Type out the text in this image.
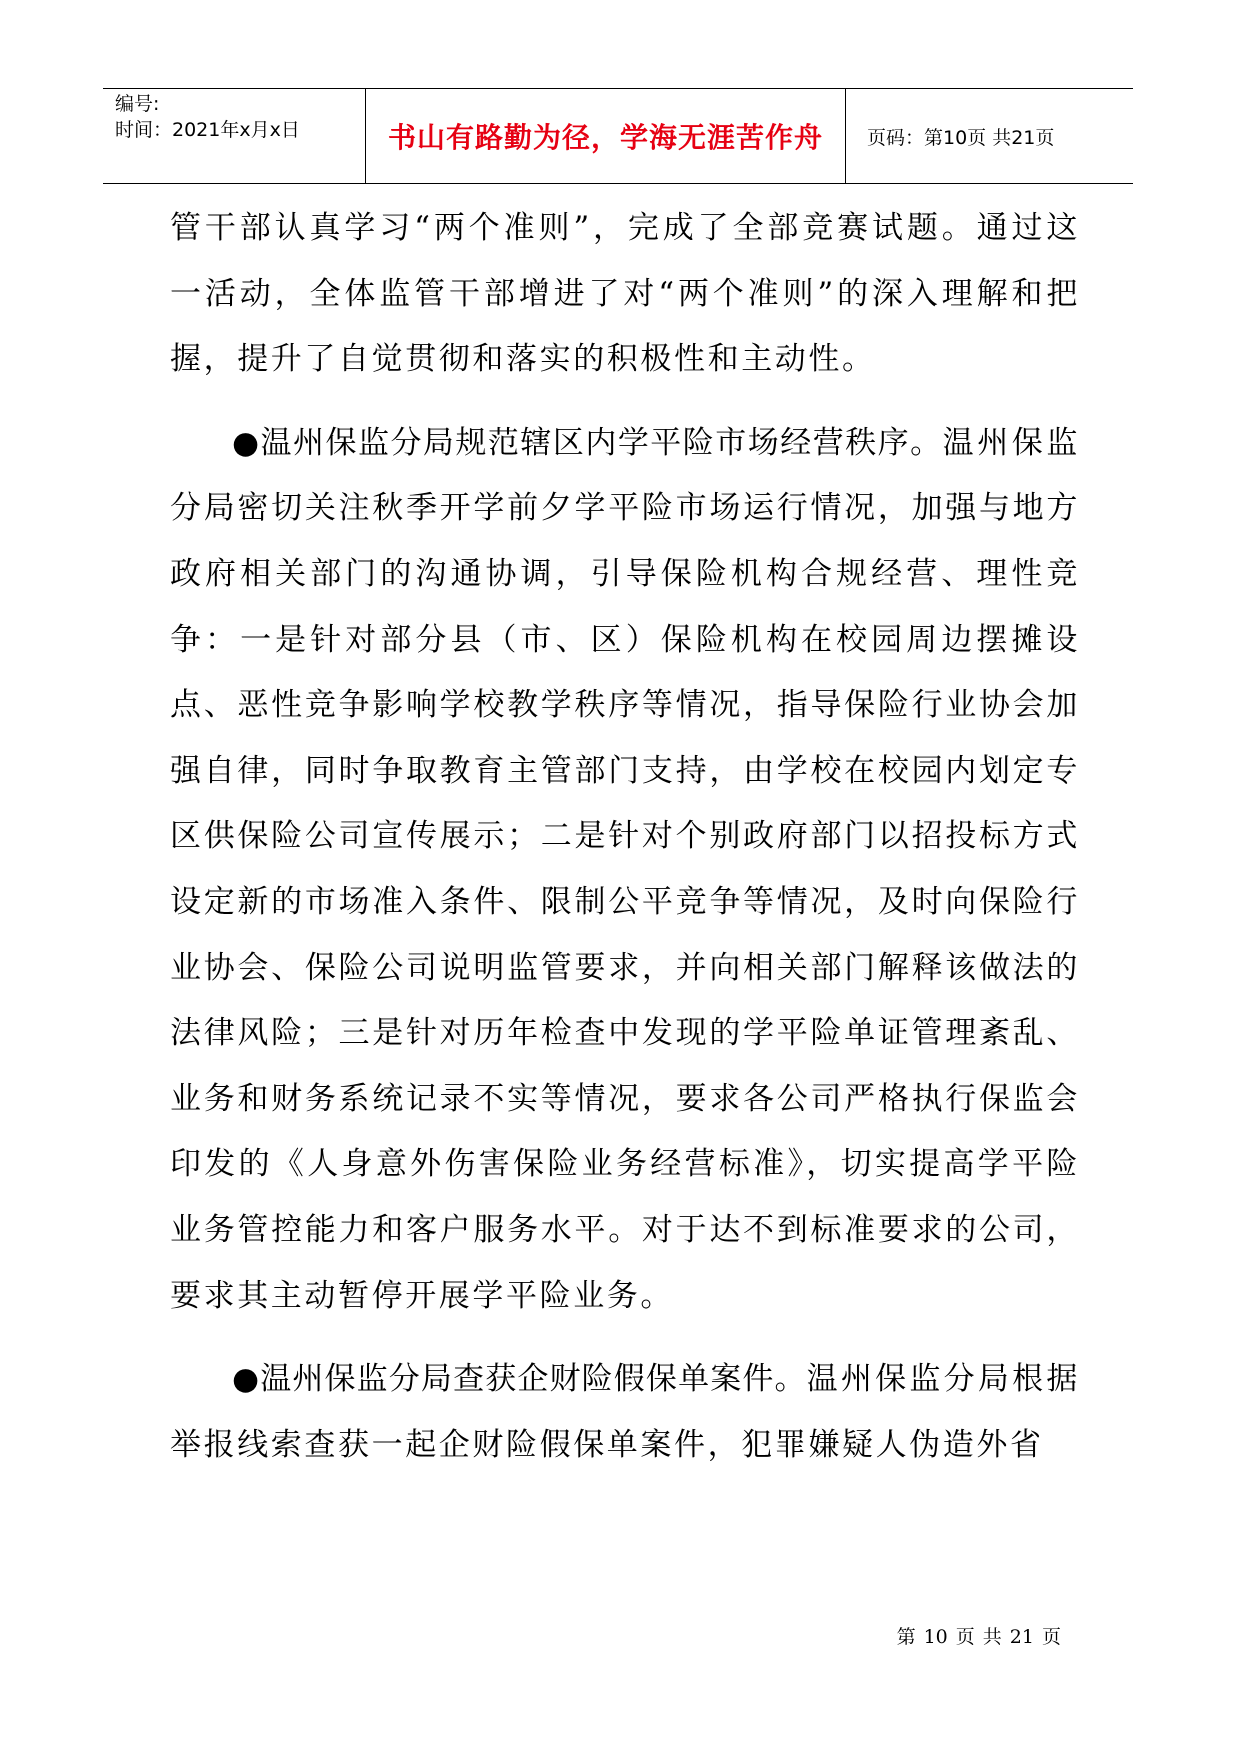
编号:
时间：2021年x月x日	书山有路勤为径，学海无涯苦作舟 页码：第10页 共21页

管干部认真学习“两个准则”，完成了全部竞赛试题。通过这一活动，全体监管干部增进了对“两个准则”的深入理解和把握，提升了自觉贯彻和落实的积极性和主动性。

●温州保监分局规范辖区内学平险市场经营秩序。温州保监分局密切关注秋季开学前夕学平险市场运行情况，加强与地方政府相关部门的沟通协调，引导保险机构合规经营、理性竞争：一是针对部分县（市、区）保险机构在校园周边摆摊设点、恶性竞争影响学校教学秩序等情况，指导保险行业协会加强自律，同时争取教育主管部门支持，由学校在校园内划定专区供保险公司宣传展示；二是针对个别政府部门以招投标方式设定新的市场准入条件、限制公平竞争等情况，及时向保险行业协会、保险公司说明监管要求，并向相关部门解释该做法的法律风险；三是针对历年检查中发现的学平险单证管理紊乱、业务和财务系统记录不实等情况，要求各公司严格执行保监会印发的《人身意外伤害保险业务经营标准》，切实提高学平险业务管控能力和客户服务水平。对于达不到标准要求的公司，要求其主动暂停开展学平险业务。

●温州保监分局查获企财险假保单案件。温州保监分局根据举报线索查获一起企财险假保单案件，犯罪嫌疑人伪造外省

第 10 页 共 21 页
